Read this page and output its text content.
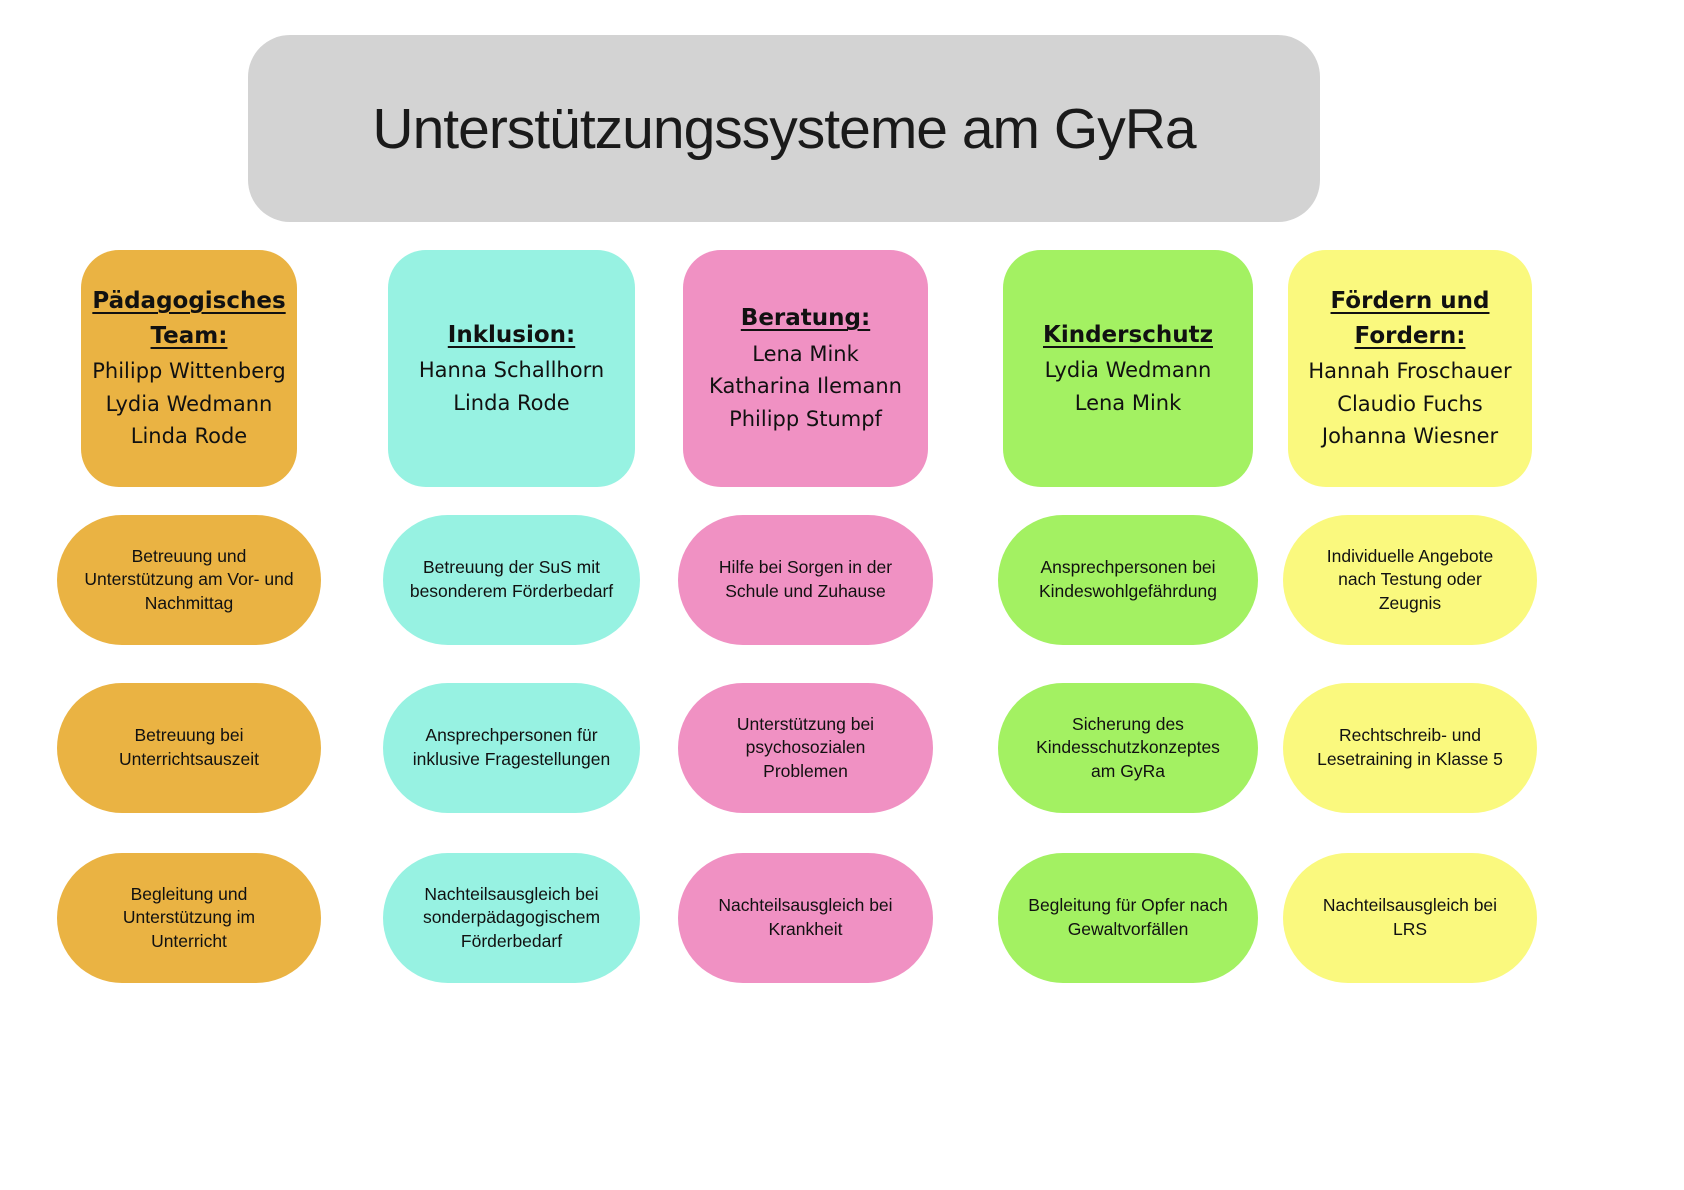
Unterstützungssysteme am GyRa
Pädagogisches Team:
Philipp Wittenberg
Lydia Wedmann
Linda Rode
Betreuung und Unterstützung am Vor- und Nachmittag
Betreuung bei Unterrichtsauszeit
Begleitung und Unterstützung im Unterricht
Inklusion:
Hanna Schallhorn
Linda Rode
Betreuung der SuS mit besonderem Förderbedarf
Ansprechpersonen für inklusive Fragestellungen
Nachteilsausgleich bei sonderpädagogischem Förderbedarf
Beratung:
Lena Mink
Katharina Ilemann
Philipp Stumpf
Hilfe bei Sorgen in der Schule und Zuhause
Unterstützung bei psychosozialen Problemen
Nachteilsausgleich bei Krankheit
Kinderschutz
Lydia Wedmann
Lena Mink
Ansprechpersonen bei Kindeswohlgefährdung
Sicherung des Kindesschutzkonzeptes am GyRa
Begleitung für Opfer nach Gewaltvorfällen
Fördern und Fordern:
Hannah Froschauer
Claudio Fuchs
Johanna Wiesner
Individuelle Angebote nach Testung oder Zeugnis
Rechtschreib- und Lesetraining in Klasse 5
Nachteilsausgleich bei LRS
